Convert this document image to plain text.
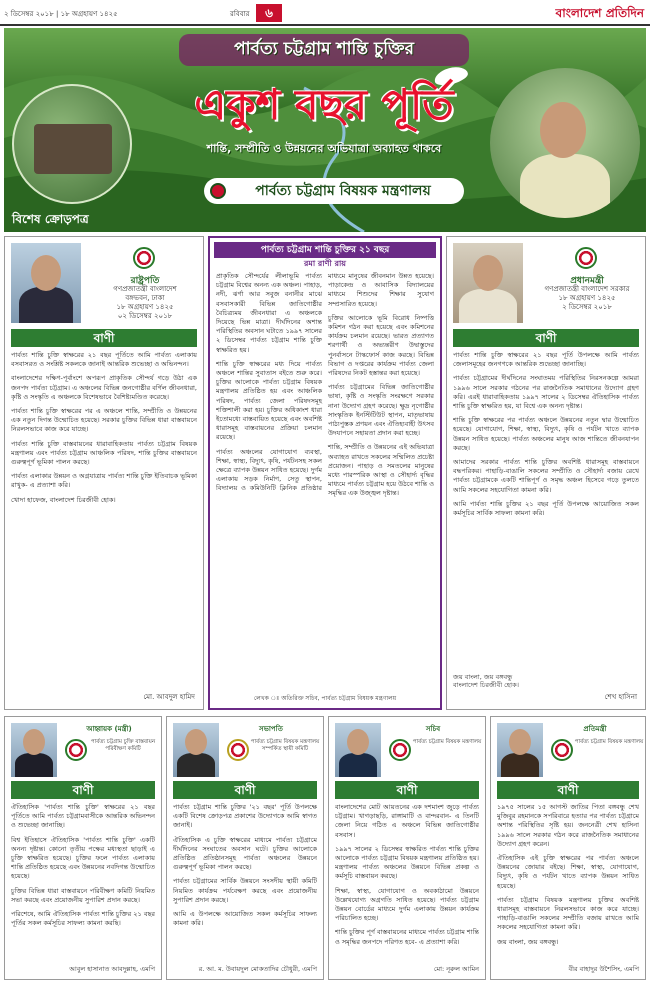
২ ডিসেম্বর ২০১৮ | ১৮ অগ্রহায়ণ ১৪২৫	রবিবার	৬	বাংলাদেশ প্রতিদিন
পার্বত্য চট্টগ্রাম শান্তি চুক্তির
একুশ বছর পূর্তি
শান্তি, সম্প্রীতি ও উন্নয়নের অভিযাত্রা অব্যাহত থাকবে
পার্বত্য চট্টগ্রাম বিষয়ক মন্ত্রণালয়
বিশেষ ক্রোড়পত্র
রাষ্ট্রপতি
গণপ্রজাতন্ত্রী বাংলাদেশ
বঙ্গভবন, ঢাকা
১৮ অগ্রহায়ণ ১৪২৫
০২ ডিসেম্বর ২০১৮
বাণী

পার্বত্য শান্তি চুক্তি স্বাক্ষরের ২১ বছর পূর্তিতে আমি পার্বত্য এলাকায় বসবাসরত ও সংশ্লিষ্ট সকলকে জানাই আন্তরিক শুভেচ্ছা ও অভিনন্দন।

বাংলাদেশের দক্ষিণ-পূর্বাংশে অপরূপ প্রাকৃতিক সৌন্দর্য গড়ে উঠা এক জনপদ পার্বত্য চট্টগ্রাম। এ অঞ্চলের বিভিন্ন জনগোষ্ঠীর বর্ণিল জীবনধারা, কৃষ্টি ও সংস্কৃতি এ অঞ্চলকে বিশেষভাবে বৈশিষ্ট্যমণ্ডিত করেছে।

পার্বত্য শান্তি চুক্তি স্বাক্ষরের পর এ অঞ্চলে শান্তি, সম্প্রীতি ও উন্নয়নের এক নতুন দিগন্ত উন্মোচিত হয়েছে। সরকার চুক্তির বিভিন্ন ধারা বাস্তবায়নে নিরলসভাবে কাজ করে যাচ্ছে।

পার্বত্য শান্তি চুক্তি বাস্তবায়নের ধারাবাহিকতায় পার্বত্য চট্টগ্রাম বিষয়ক মন্ত্রণালয় এবং পার্বত্য চট্টগ্রাম আঞ্চলিক পরিষদ, শান্তি চুক্তির বাস্তবায়নে গুরুত্বপূর্ণ ভূমিকা পালন করছে।

পার্বত্য এলাকার উন্নয়ন ও অগ্রযাত্রায় পার্বত্য শান্তি চুক্তি ইতিবাচক ভূমিকা রাখুক- এ প্রত্যাশা করি।

খোদা হাফেজ, বাংলাদেশ চিরজীবী হোক।

মো. আবদুল হামিদ
পার্বত্য চট্টগ্রাম শান্তি চুক্তির ২১ বছর
রমা রাণী রায়

প্রাকৃতিক সৌন্দর্যের লীলাভূমি পার্বত্য চট্টগ্রাম বিশ্বের অনন্য এক অঞ্চল। পাহাড়, নদী, ঝর্ণা আর সবুজ বনানীর মাঝে বসবাসকারী বিভিন্ন জাতিগোষ্ঠীর বৈচিত্র্যময় জীবনধারা এ অঞ্চলকে দিয়েছে ভিন্ন মাত্রা। দীর্ঘদিনের অশান্ত পরিস্থিতির অবসান ঘটাতে ১৯৯৭ সালের ২ ডিসেম্বর পার্বত্য চট্টগ্রাম শান্তি চুক্তি স্বাক্ষরিত হয়।

শান্তি চুক্তি স্বাক্ষরের মধ্য দিয়ে পার্বত্য অঞ্চলে শান্তির সুবাতাস বইতে শুরু করে। চুক্তির আলোকে পার্বত্য চট্টগ্রাম বিষয়ক মন্ত্রণালয় প্রতিষ্ঠিত হয় এবং আঞ্চলিক পরিষদ, পার্বত্য জেলা পরিষদসমূহ শক্তিশালী করা হয়। চুক্তির অধিকাংশ ধারা ইতোমধ্যে বাস্তবায়িত হয়েছে এবং অবশিষ্ট ধারাসমূহ বাস্তবায়নের প্রক্রিয়া চলমান রয়েছে।

পার্বত্য অঞ্চলের যোগাযোগ ব্যবস্থা, শিক্ষা, স্বাস্থ্য, বিদ্যুৎ, কৃষি, পর্যটনসহ সকল ক্ষেত্রে ব্যাপক উন্নয়ন সাধিত হয়েছে। দুর্গম এলাকায় সড়ক নির্মাণ, সেতু স্থাপন, বিদ্যালয় ও কমিউনিটি ক্লিনিক প্রতিষ্ঠার মাধ্যমে মানুষের জীবনমান উন্নত হয়েছে। পাড়াকেন্দ্র ও আবাসিক বিদ্যালয়ের মাধ্যমে শিশুদের শিক্ষার সুযোগ সম্প্রসারিত হয়েছে।

চুক্তির আলোকে ভূমি বিরোধ নিষ্পত্তি কমিশন গঠন করা হয়েছে এবং কমিশনের কার্যক্রম চলমান রয়েছে। ভারত প্রত্যাগত শরণার্থী ও অভ্যন্তরীণ উদ্বাস্তুদের পুনর্বাসনে টাস্কফোর্স কাজ করছে। বিভিন্ন বিভাগ ও দপ্তরের কার্যক্রম পার্বত্য জেলা পরিষদের নিকট হস্তান্তর করা হয়েছে।

পার্বত্য চট্টগ্রামের বিভিন্ন জাতিগোষ্ঠীর ভাষা, কৃষ্টি ও সংস্কৃতি সংরক্ষণে সরকার নানা উদ্যোগ গ্রহণ করেছে। ক্ষুদ্র নৃগোষ্ঠীর সাংস্কৃতিক ইনস্টিটিউট স্থাপন, মাতৃভাষায় পাঠ্যপুস্তক প্রণয়ন এবং ঐতিহ্যবাহী উৎসব উদযাপনে সহায়তা প্রদান করা হচ্ছে।

শান্তি, সম্প্রীতি ও উন্নয়নের এই অভিযাত্রা অব্যাহত রাখতে সকলের সম্মিলিত প্রচেষ্টা প্রয়োজন। পাহাড় ও সমতলের মানুষের মধ্যে পারস্পরিক আস্থা ও সৌহার্দ্য বৃদ্ধির মাধ্যমে পার্বত্য চট্টগ্রাম হয়ে উঠবে শান্তি ও সমৃদ্ধির এক উজ্জ্বল দৃষ্টান্ত।

লেখক ঃ অতিরিক্ত সচিব, পার্বত্য চট্টগ্রাম বিষয়ক মন্ত্রণালয়
প্রধানমন্ত্রী
গণপ্রজাতন্ত্রী বাংলাদেশ সরকার
১৮ অগ্রহায়ণ ১৪২৫
২ ডিসেম্বর ২০১৮
বাণী

পার্বত্য শান্তি চুক্তি স্বাক্ষরের ২১ বছর পূর্তি উপলক্ষে আমি পার্বত্য জেলাসমূহের জনগণকে আন্তরিক শুভেচ্ছা জানাচ্ছি।

পার্বত্য চট্টগ্রামের দীর্ঘদিনের সংঘাতময় পরিস্থিতির নিরসনকল্পে আমরা ১৯৯৬ সালে সরকার গঠনের পর রাজনৈতিক সমাধানের উদ্যোগ গ্রহণ করি। এরই ধারাবাহিকতায় ১৯৯৭ সালের ২ ডিসেম্বর ঐতিহাসিক পার্বত্য শান্তি চুক্তি স্বাক্ষরিত হয়, যা বিশ্বে এক অনন্য দৃষ্টান্ত।

শান্তি চুক্তি স্বাক্ষরের পর পার্বত্য অঞ্চলে উন্নয়নের নতুন দ্বার উন্মোচিত হয়েছে। যোগাযোগ, শিক্ষা, স্বাস্থ্য, বিদ্যুৎ, কৃষি ও পর্যটন খাতে ব্যাপক উন্নয়ন সাধিত হয়েছে। পার্বত্য অঞ্চলের মানুষ আজ শান্তিতে জীবনযাপন করছে।

আমাদের সরকার পার্বত্য শান্তি চুক্তির অবশিষ্ট ধারাসমূহ বাস্তবায়নে বদ্ধপরিকর। পাহাড়ি-বাঙালি সকলের সম্প্রীতি ও সৌহার্দ্য বজায় রেখে পার্বত্য চট্টগ্রামকে একটি শান্তিপূর্ণ ও সমৃদ্ধ অঞ্চল হিসেবে গড়ে তুলতে আমি সকলের সহযোগিতা কামনা করি।

আমি পার্বত্য শান্তি চুক্তির ২১ বছর পূর্তি উপলক্ষে আয়োজিত সকল কর্মসূচির সার্বিক সাফল্য কামনা করি।

জয় বাংলা, জয় বঙ্গবন্ধু
বাংলাদেশ চিরজীবী হোক।
শেখ হাসিনা
আহ্বায়ক (মন্ত্রী)
পার্বত্য চট্টগ্রাম চুক্তি বাস্তবায়ন পরিবীক্ষণ কমিটি
বাণী

ঐতিহাসিক 'পার্বত্য শান্তি চুক্তি' স্বাক্ষরের ২১ বছর পূর্তিতে আমি পার্বত্য চট্টগ্রামবাসীকে আন্তরিক অভিনন্দন ও শুভেচ্ছা জানাচ্ছি।

বিশ্ব ইতিহাসে ঐতিহাসিক 'পার্বত্য শান্তি চুক্তি' একটি অনন্য দৃষ্টান্ত। কোনো তৃতীয় পক্ষের মধ্যস্থতা ছাড়াই এ চুক্তি স্বাক্ষরিত হয়েছে। চুক্তির ফলে পার্বত্য এলাকায় শান্তি প্রতিষ্ঠিত হয়েছে এবং উন্নয়নের নবদিগন্ত উন্মোচিত হয়েছে।

চুক্তির বিভিন্ন ধারা বাস্তবায়নে পরিবীক্ষণ কমিটি নিয়মিত সভা করছে এবং প্রয়োজনীয় সুপারিশ প্রদান করছে।

পরিশেষে, আমি ঐতিহাসিক পার্বত্য শান্তি চুক্তির ২১ বছর পূর্তির সকল কর্মসূচির সাফল্য কামনা করছি।

আবুল হাসানাত আবদুল্লাহ, এমপি
সভাপতি
পার্বত্য চট্টগ্রাম বিষয়ক মন্ত্রণালয় সম্পর্কিত স্থায়ী কমিটি
বাণী

পার্বত্য চট্টগ্রাম শান্তি চুক্তির '২১ বছর' পূর্তি উপলক্ষে একটি বিশেষ ক্রোড়পত্র প্রকাশের উদ্যোগকে আমি স্বাগত জানাই।

ঐতিহাসিক এ চুক্তি স্বাক্ষরের মাধ্যমে পার্বত্য চট্টগ্রামে দীর্ঘদিনের সংঘাতের অবসান ঘটে। চুক্তির আলোকে প্রতিষ্ঠিত প্রতিষ্ঠানসমূহ পার্বত্য অঞ্চলের উন্নয়নে গুরুত্বপূর্ণ ভূমিকা পালন করছে।

পার্বত্য চট্টগ্রামের সার্বিক উন্নয়নে সংসদীয় স্থায়ী কমিটি নিয়মিত কার্যক্রম পর্যবেক্ষণ করছে এবং প্রয়োজনীয় সুপারিশ প্রদান করছে।

আমি এ উপলক্ষে আয়োজিত সকল কর্মসূচির সাফল্য কামনা করি।

র. আ. ম. উবায়দুল মোকতাদির চৌধুরী, এমপি
সচিব
পার্বত্য চট্টগ্রাম বিষয়ক মন্ত্রণালয়
বাণী

বাংলাদেশের মোট আয়তনের এক দশমাংশ জুড়ে পার্বত্য চট্টগ্রাম। খাগড়াছড়ি, রাঙ্গামাটি ও বান্দরবান- এ তিনটি জেলা নিয়ে গঠিত এ অঞ্চলে বিভিন্ন জাতিগোষ্ঠীর বসবাস।

১৯৯৭ সালের ২ ডিসেম্বর স্বাক্ষরিত পার্বত্য শান্তি চুক্তির আলোকে পার্বত্য চট্টগ্রাম বিষয়ক মন্ত্রণালয় প্রতিষ্ঠিত হয়। মন্ত্রণালয় পার্বত্য অঞ্চলের উন্নয়নে বিভিন্ন প্রকল্প ও কর্মসূচি বাস্তবায়ন করছে।

শিক্ষা, স্বাস্থ্য, যোগাযোগ ও অবকাঠামো উন্নয়নে উল্লেখযোগ্য অগ্রগতি সাধিত হয়েছে। পার্বত্য চট্টগ্রাম উন্নয়ন বোর্ডের মাধ্যমে দুর্গম এলাকায় উন্নয়ন কার্যক্রম পরিচালিত হচ্ছে।

শান্তি চুক্তির পূর্ণ বাস্তবায়নের মাধ্যমে পার্বত্য চট্টগ্রাম শান্তি ও সমৃদ্ধির জনপদে পরিণত হবে- এ প্রত্যাশা করি।

মো: নূরুল আমিন
প্রতিমন্ত্রী
পার্বত্য চট্টগ্রাম বিষয়ক মন্ত্রণালয়
বাণী

১৯৭৫ সালের ১৫ আগস্ট জাতির পিতা বঙ্গবন্ধু শেখ মুজিবুর রহমানকে সপরিবারে হত্যার পর পার্বত্য চট্টগ্রামে অশান্ত পরিস্থিতির সৃষ্টি হয়। জননেত্রী শেখ হাসিনা ১৯৯৬ সালে সরকার গঠন করে রাজনৈতিক সমাধানের উদ্যোগ গ্রহণ করেন।

ঐতিহাসিক এই চুক্তি স্বাক্ষরের পর পার্বত্য অঞ্চলে উন্নয়নের জোয়ার বইছে। শিক্ষা, স্বাস্থ্য, যোগাযোগ, বিদ্যুৎ, কৃষি ও পর্যটন খাতে ব্যাপক উন্নয়ন সাধিত হয়েছে।

পার্বত্য চট্টগ্রাম বিষয়ক মন্ত্রণালয় চুক্তির অবশিষ্ট ধারাসমূহ বাস্তবায়নে নিরলসভাবে কাজ করে যাচ্ছে। পাহাড়ি-বাঙালি সকলের সম্প্রীতি বজায় রাখতে আমি সকলের সহযোগিতা কামনা করি।

জয় বাংলা, জয় বঙ্গবন্ধু।

বীর বাহাদুর উশৈসিং, এমপি
